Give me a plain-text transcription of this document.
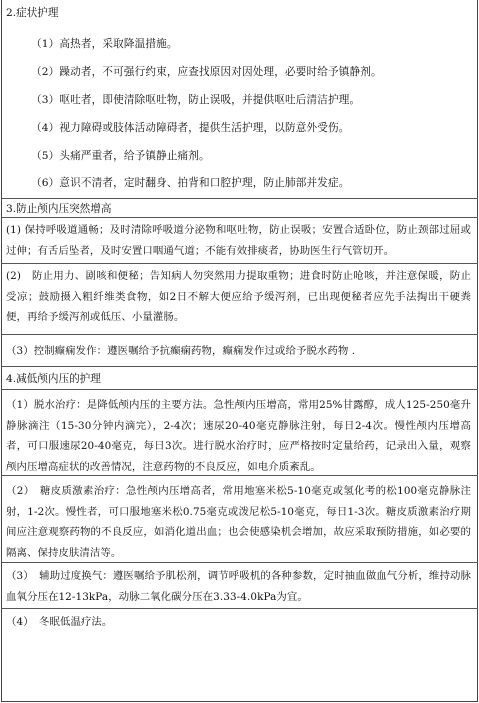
2.症状护理
（1）高热者，采取降温措施。
（2）躁动者，不可强行约束，应查找原因对因处理，必要时给予镇静剂。
（3）呕吐者，即使清除呕吐物，防止误吸，并提供呕吐后清洁护理。
（4）视力障碍或肢体活动障碍者，提供生活护理，以防意外受伤。
（5）头痛严重者，给予镇静止痛剂。
（6）意识不清者，定时翻身、拍背和口腔护理，防止肺部并发症。
3.防止颅内压突然增高
(1) 保持呼吸道通畅；及时清除呼吸道分泌物和呕吐物，防止误吸；安置合适卧位，防止颈部过屈或过伸；有舌后坠者，及时安置口咽通气道；不能有效排痰者，协助医生行气管切开。
(2)　防止用力、剧咳和便秘；告知病人勿突然用力提取重物；进食时防止呛咳，并注意保暖，防止受凉；鼓励摄入粗纤维类食物，如2日不解大便应给予缓泻剂，已出现便秘者应先手法掏出干硬粪便，再给予缓泻剂或低压、小量灌肠。
（3）控制癫痫发作：遵医嘱给予抗癫痫药物，癫痫发作过或给予脱水药物 .
4.减低颅内压的护理
（1）脱水治疗：是降低颅内压的主要方法。急性颅内压增高，常用25%甘露醇，成人125-250毫升静脉滴注（15-30分钟内滴完），2-4次；速尿20-40毫克静脉注射，每日2-4次。慢性颅内压增高者，可口服速尿20-40毫克，每日3次。进行脱水治疗时，应严格按时定量给药，记录出入量，观察颅内压增高症状的改善情况，注意药物的不良反应，如电介质紊乱。
（2）　糖皮质激素治疗：急性颅内压增高者，常用地塞米松5-10毫克或氢化考的松100毫克静脉注射，1-2次。慢性者，可口服地塞米松0.75毫克或泼尼松5-10毫克，每日1-3次。糖皮质激素治疗期间应注意观察药物的不良反应，如消化道出血；也会使感染机会增加，故应采取预防措施，如必要的隔离、保持皮肤清洁等。
（3）　辅助过度换气：遵医嘱给予肌松剂，调节呼吸机的各种参数，定时抽血做血气分析，维持动脉血氧分压在12-13kPa，动脉二氧化碳分压在3.33-4.0kPa为宜。
（4）　冬眠低温疗法。
